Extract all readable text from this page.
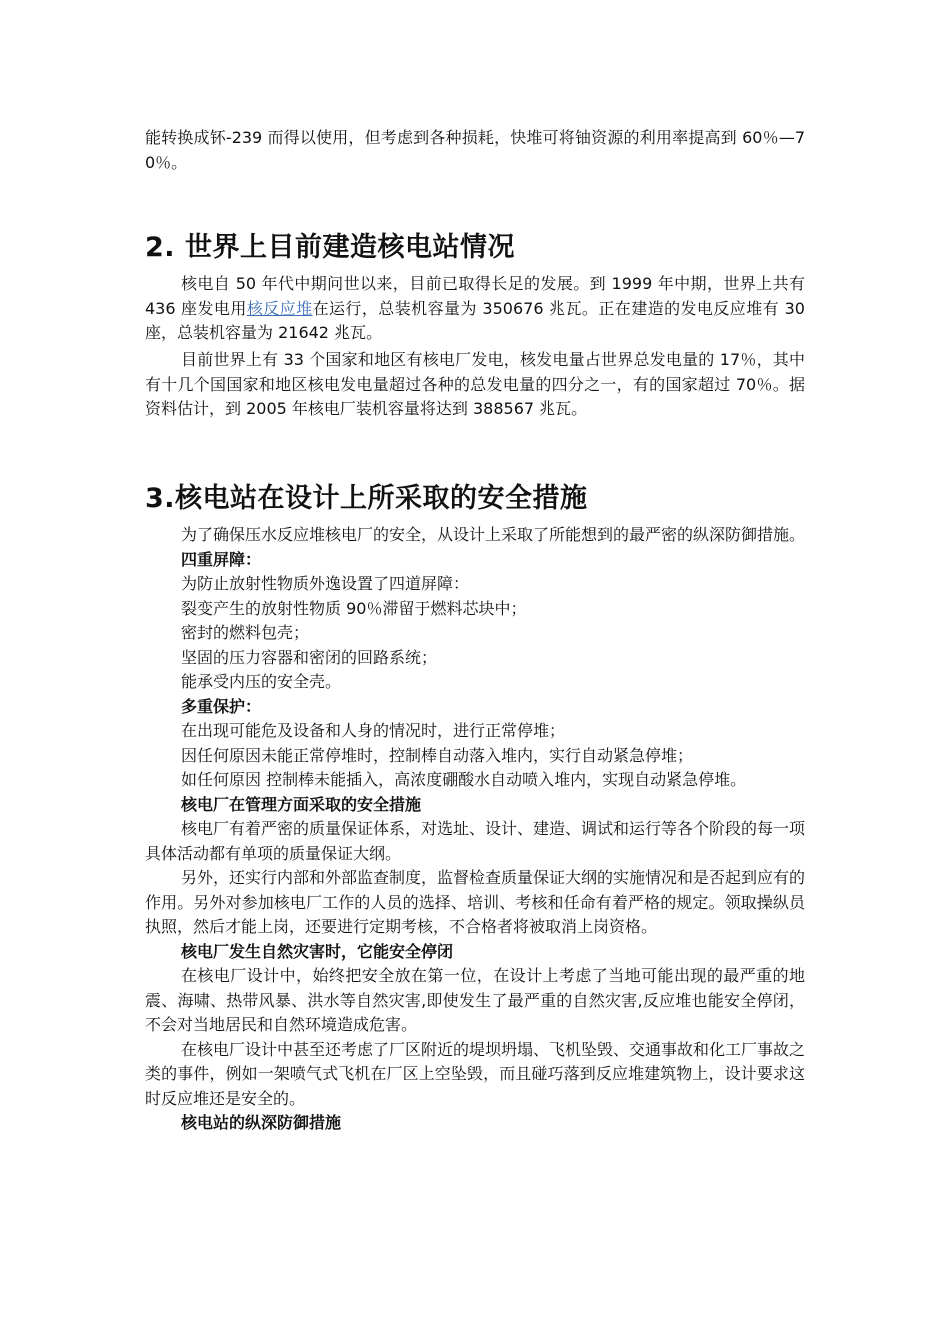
能转换成钚-239 而得以使用，但考虑到各种损耗，快堆可将铀资源的利用率提高到 60％—70％。

2. 世界上目前建造核电站情况

核电自 50 年代中期问世以来，目前已取得长足的发展。到 1999 年中期，世界上共有 436 座发电用核反应堆在运行，总装机容量为 350676 兆瓦。正在建造的发电反应堆有 30 座，总装机容量为 21642 兆瓦。

目前世界上有 33 个国家和地区有核电厂发电，核发电量占世界总发电量的 17％，其中有十几个国国家和地区核电发电量超过各种的总发电量的四分之一，有的国家超过 70％。据资料估计，到 2005 年核电厂装机容量将达到 388567 兆瓦。

3.核电站在设计上所采取的安全措施

为了确保压水反应堆核电厂的安全，从设计上采取了所能想到的最严密的纵深防御措施。

四重屏障：

为防止放射性物质外逸设置了四道屏障：

裂变产生的放射性物质 90％滞留于燃料芯块中；

密封的燃料包壳；

坚固的压力容器和密闭的回路系统；

能承受内压的安全壳。

多重保护：

在出现可能危及设备和人身的情况时，进行正常停堆；

因任何原因未能正常停堆时，控制棒自动落入堆内，实行自动紧急停堆；

如任何原因 控制棒未能插入，高浓度硼酸水自动喷入堆内，实现自动紧急停堆。

核电厂在管理方面采取的安全措施

核电厂有着严密的质量保证体系，对选址、设计、建造、调试和运行等各个阶段的每一项具体活动都有单项的质量保证大纲。

另外，还实行内部和外部监查制度，监督检查质量保证大纲的实施情况和是否起到应有的作用。另外对参加核电厂工作的人员的选择、培训、考核和任命有着严格的规定。领取操纵员执照，然后才能上岗，还要进行定期考核，不合格者将被取消上岗资格。

核电厂发生自然灾害时，它能安全停闭

在核电厂设计中，始终把安全放在第一位，在设计上考虑了当地可能出现的最严重的地震、海啸、热带风暴、洪水等自然灾害,即使发生了最严重的自然灾害,反应堆也能安全停闭，不会对当地居民和自然环境造成危害。

在核电厂设计中甚至还考虑了厂区附近的堤坝坍塌、飞机坠毁、交通事故和化工厂事故之类的事件，例如一架喷气式飞机在厂区上空坠毁，而且碰巧落到反应堆建筑物上，设计要求这时反应堆还是安全的。

核电站的纵深防御措施
